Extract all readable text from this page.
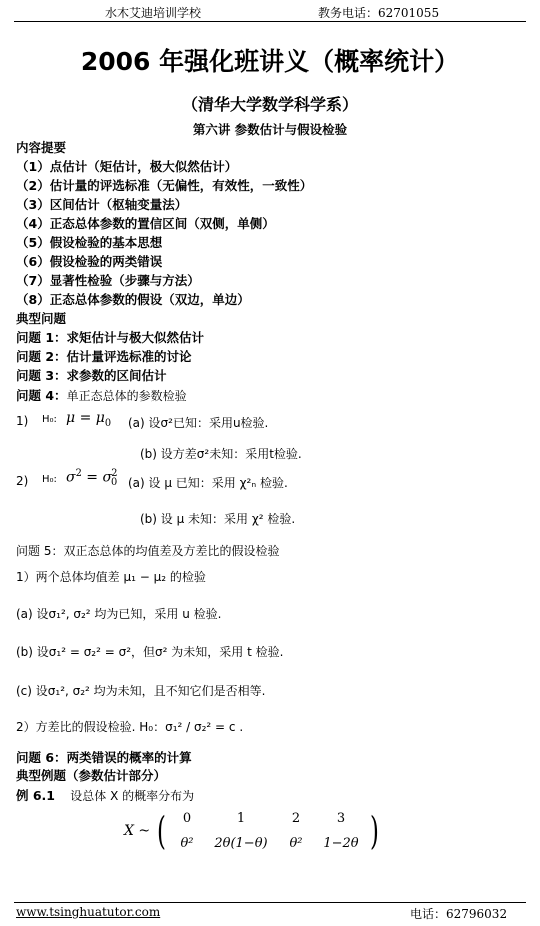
水木艾迪培训学校	教务电话：62701055
2006 年强化班讲义（概率统计）
（清华大学数学科学系）
第六讲 参数估计与假设检验
内容提要
（1）点估计（矩估计，极大似然估计）
（2）估计量的评选标准（无偏性，有效性，一致性）
（3）区间估计（枢轴变量法）
（4）正态总体参数的置信区间（双侧，单侧）
（5）假设检验的基本思想
（6）假设检验的两类错误
（7）显著性检验（步骤与方法）
（8）正态总体参数的假设（双边，单边）
典型问题
问题 1：求矩估计与极大似然估计
问题 2：估计量评选标准的讨论
问题 3：求参数的区间估计
问题 4：单正态总体的参数检验
1) H₀: $\mu = \mu_0$ (a) 设σ²已知：采用u检验.
(b) 设方差σ²未知：采用t检验.
2) H₀: $\sigma^2 = \sigma_0^2$
(a) 设 μ 已知：采用 χ²ₙ 检验.
(b) 设 μ 未知：采用 χ² 检验.
问题 5：双正态总体的均值差及方差比的假设检验
1）两个总体均值差 μ₁ − μ₂ 的检验
(a) 设σ₁², σ₂² 均为已知，采用 u 检验.
(b) 设σ₁² = σ₂² = σ²，但σ² 为未知，采用 t 检验.
(c) 设σ₁², σ₂² 均为未知，且不知它们是否相等.
2）方差比的假设检验. H₀：σ₁² / σ₂² = c .
问题 6：两类错误的概率的计算
典型例题（参数估计部分）
例 6.1 设总体 X 的概率分布为
X ~ (	0	1	2	3
θ²	2θ(1−θ)	θ²	1−2θ )
www.tsinghuatutor.com	电话：62796032
